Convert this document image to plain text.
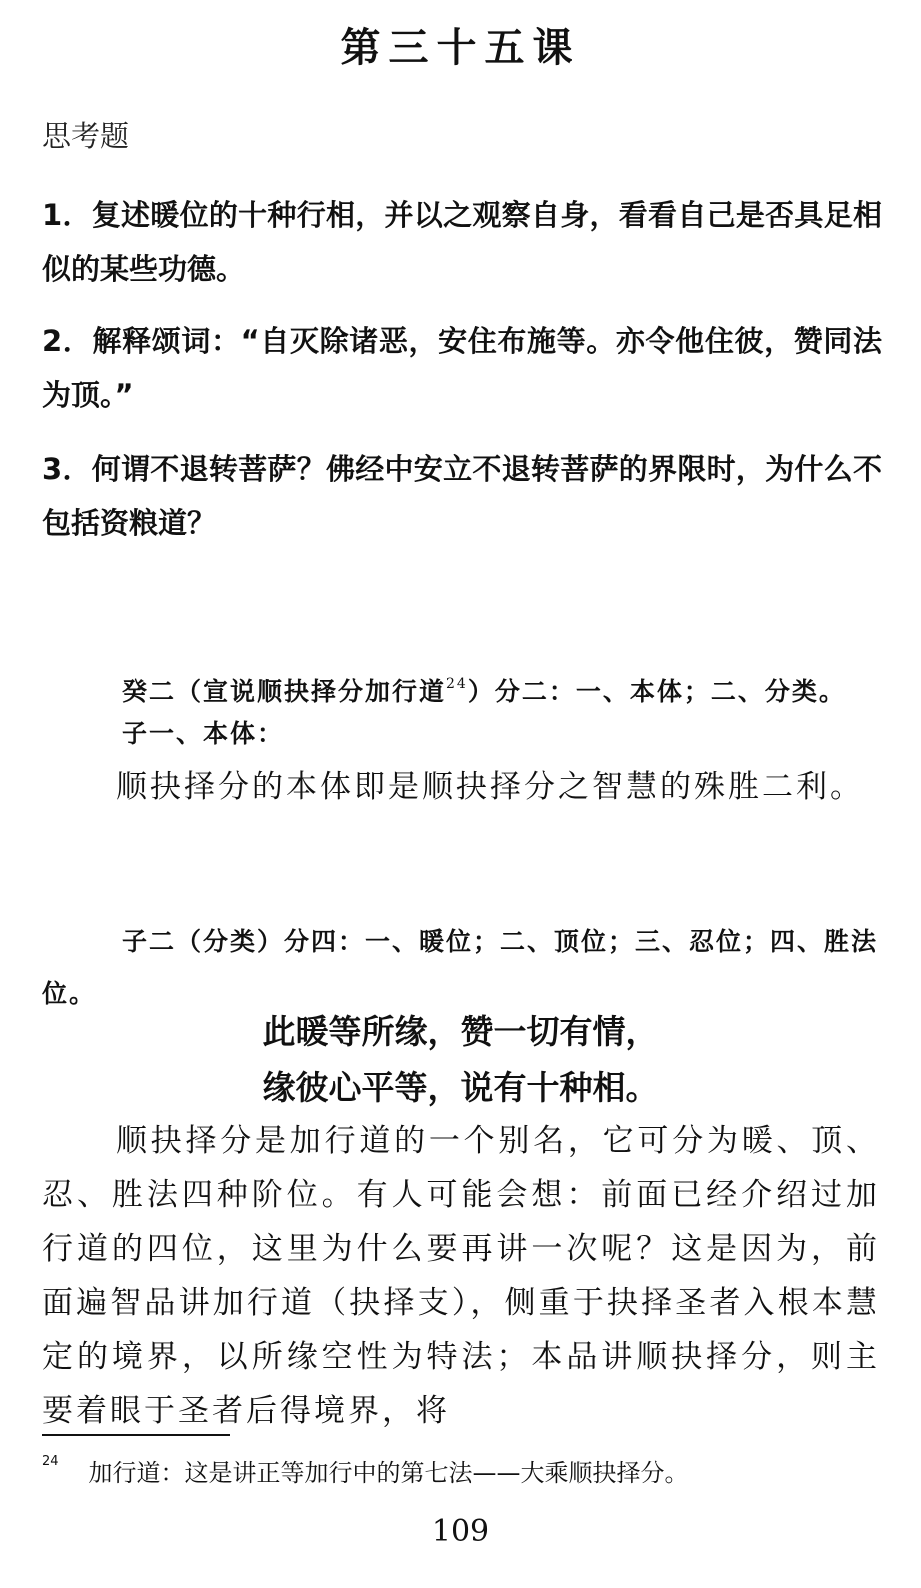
第三十五课
思考题
1．复述暖位的十种行相，并以之观察自身，看看自己是否具足相似的某些功德。
2．解释颂词：“自灭除诸恶，安住布施等。亦令他住彼，赞同法为顶。”
3．何谓不退转菩萨？佛经中安立不退转菩萨的界限时，为什么不包括资粮道？
癸二（宣说顺抉择分加行道$^{24}$）分二：一、本体；二、分类。
子一、本体：
顺抉择分的本体即是顺抉择分之智慧的殊胜二利。
子二（分类）分四：一、暖位；二、顶位；三、忍位；四、胜法位。
此暖等所缘，赞一切有情，
缘彼心平等，说有十种相。
顺抉择分是加行道的一个别名，它可分为暖、顶、忍、胜法四种阶位。有人可能会想：前面已经介绍过加行道的四位，这里为什么要再讲一次呢？这是因为，前面遍智品讲加行道（抉择支），侧重于抉择圣者入根本慧定的境界，以所缘空性为特法；本品讲顺抉择分，则主要着眼于圣者后得境界，将
$^{24}$ 加行道：这是讲正等加行中的第七法——大乘顺抉择分。
109
